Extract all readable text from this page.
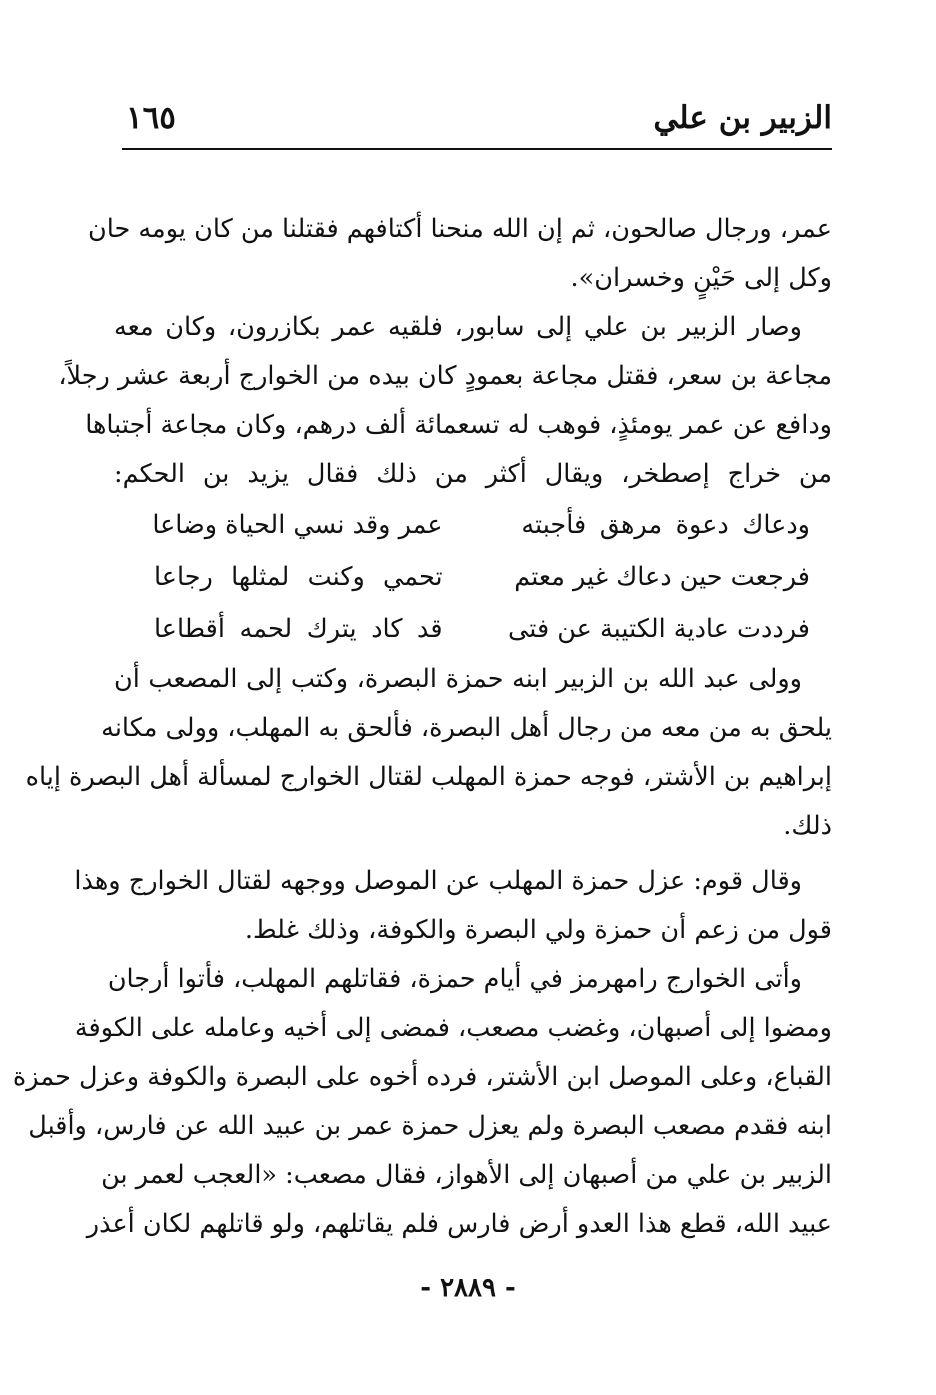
الزبير بن علي
١٦٥
عمر، ورجال صالحون، ثم إن الله منحنا أكتافهم فقتلنا من كان يومه حان
وكل إلى حَيْنٍ وخسران».
وصار الزبير بن علي إلى سابور، فلقيه عمر بكازرون، وكان معه
مجاعة بن سعر، فقتل مجاعة بعمودٍ كان بيده من الخوارج أربعة عشر رجلاً،
ودافع عن عمر يومئذٍ، فوهب له تسعمائة ألف درهم، وكان مجاعة أجتباها
من خراج إصطخر، ويقال أكثر من ذلك فقال يزيد بن الحكم:
ودعاك دعوة مرهق فأجبته
عمر وقد نسي الحياة وضاعا
فرجعت حين دعاك غير معتم
تحمي وكنت لمثلها رجاعا
فرددت عادية الكتيبة عن فتى
قد كاد يترك لحمه أقطاعا
وولى عبد الله بن الزبير ابنه حمزة البصرة، وكتب إلى المصعب أن
يلحق به من معه من رجال أهل البصرة، فألحق به المهلب، وولى مكانه
إبراهيم بن الأشتر، فوجه حمزة المهلب لقتال الخوارج لمسألة أهل البصرة إياه
ذلك.
وقال قوم: عزل حمزة المهلب عن الموصل ووجهه لقتال الخوارج وهذا
قول من زعم أن حمزة ولي البصرة والكوفة، وذلك غلط.
وأتى الخوارج رامهرمز في أيام حمزة، فقاتلهم المهلب، فأتوا أرجان
ومضوا إلى أصبهان، وغضب مصعب، فمضى إلى أخيه وعامله على الكوفة
القباع، وعلى الموصل ابن الأشتر، فرده أخوه على البصرة والكوفة وعزل حمزة
ابنه فقدم مصعب البصرة ولم يعزل حمزة عمر بن عبيد الله عن فارس، وأقبل
الزبير بن علي من أصبهان إلى الأهواز، فقال مصعب: «العجب لعمر بن
عبيد الله، قطع هذا العدو أرض فارس فلم يقاتلهم، ولو قاتلهم لكان أعذر
- ٢٨٨٩ -
